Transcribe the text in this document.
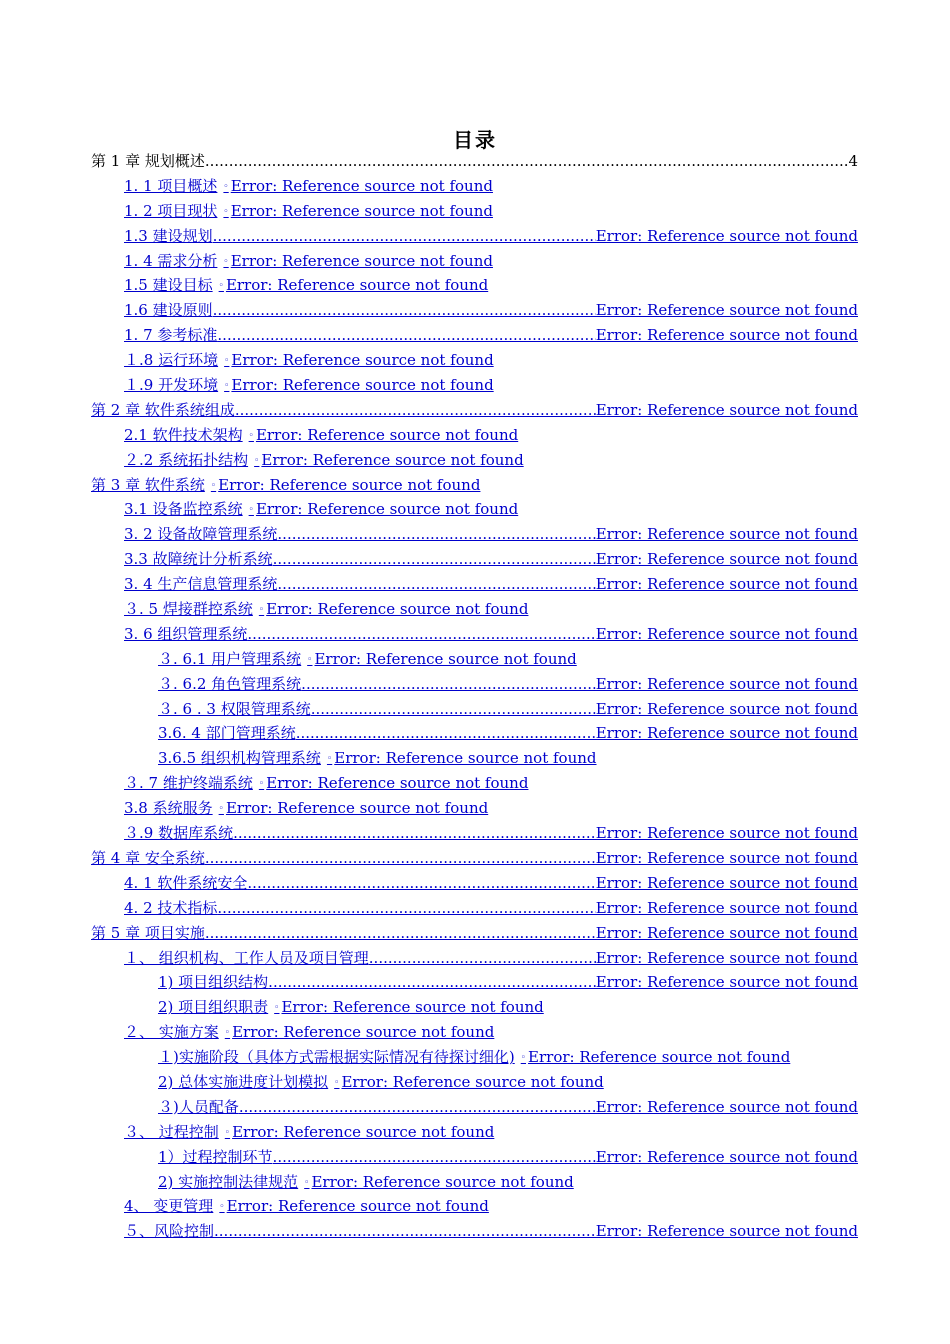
目录
第 1 章 规划概述 .....	4
1. 1 项目概述 ◦ Error: Reference source not found
1. 2 项目现状 ◦ Error: Reference source not found
1.3 建设规划 .....	Error: Reference source not found
1. 4 需求分析 ◦ Error: Reference source not found
1.5 建设目标 ◦ Error: Reference source not found
1.6 建设原则 .....	Error: Reference source not found
1. 7 参考标准 .....	Error: Reference source not found
１.8 运行环境 ◦ Error: Reference source not found
１.9 开发环境 ◦ Error: Reference source not found
第 2 章 软件系统组成 .....	Error: Reference source not found
2.1 软件技术架构 ◦ Error: Reference source not found
２.2 系统拓扑结构 ◦ Error: Reference source not found
第 3 章 软件系统 ◦ Error: Reference source not found
3.1 设备监控系统 ◦ Error: Reference source not found
3. 2 设备故障管理系统 .....	Error: Reference source not found
3.3 故障统计分析系统 .....	Error: Reference source not found
3. 4 生产信息管理系统 .....	Error: Reference source not found
３. 5 焊接群控系统 ◦ Error: Reference source not found
3. 6 组织管理系统 .....	Error: Reference source not found
３. 6.1 用户管理系统 ◦ Error: Reference source not found
３. 6.2 角色管理系统 .....	Error: Reference source not found
３. 6 . 3 权限管理系统 .....	Error: Reference source not found
3.6. 4 部门管理系统 .....	Error: Reference source not found
3.6.5 组织机构管理系统 ◦ Error: Reference source not found
３. 7 维护终端系统 ◦ Error: Reference source not found
3.8 系统服务 ◦ Error: Reference source not found
３.9 数据库系统 .....	Error: Reference source not found
第 4 章 安全系统 .....	Error: Reference source not found
4. 1 软件系统安全 .....	Error: Reference source not found
4. 2 技术指标 .....	Error: Reference source not found
第 5 章 项目实施 .....	Error: Reference source not found
１、 组织机构、工作人员及项目管理 .....	Error: Reference source not found
1) 项目组织结构 .....	Error: Reference source not found
2) 项目组织职责 ◦ Error: Reference source not found
２、 实施方案 ◦ Error: Reference source not found
１)实施阶段（具体方式需根据实际情况有待探讨细化) ◦ Error: Reference source not found
2) 总体实施进度计划模拟 ◦ Error: Reference source not found
３)人员配备 .....	Error: Reference source not found
３、 过程控制 ◦ Error: Reference source not found
1）过程控制环节 .....	Error: Reference source not found
2) 实施控制法律规范 ◦ Error: Reference source not found
4、 变更管理 ◦ Error: Reference source not found
５、风险控制 .....	Error: Reference source not found
